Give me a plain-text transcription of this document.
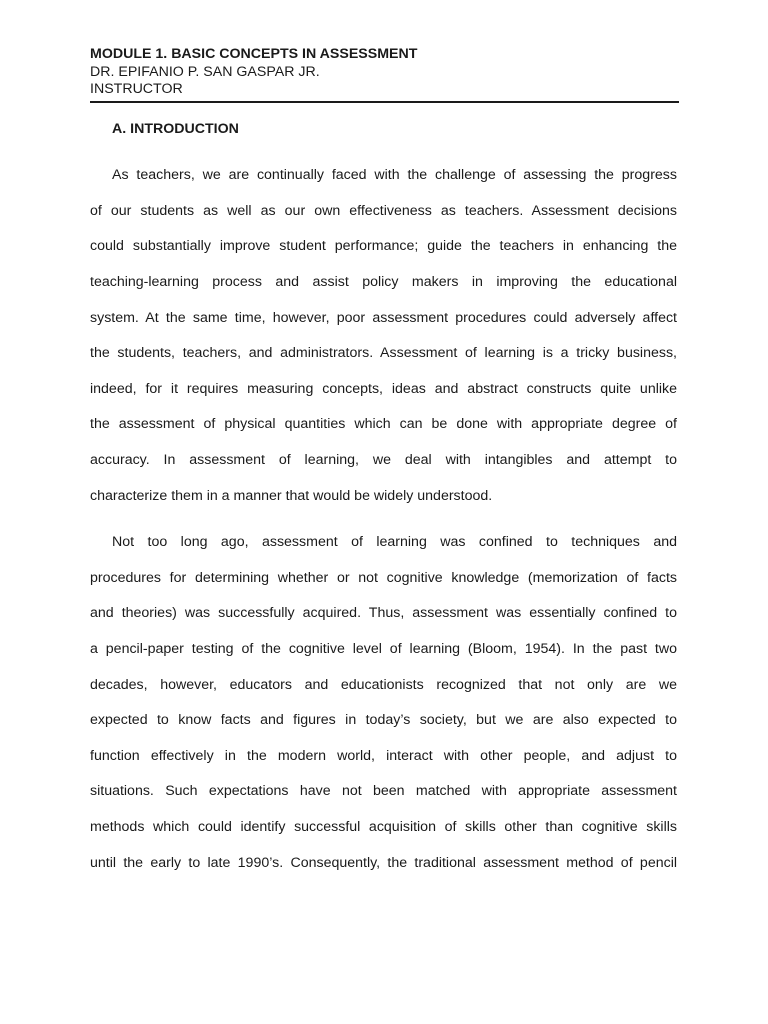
MODULE 1. BASIC CONCEPTS IN ASSESSMENT

DR. EPIFANIO P. SAN GASPAR JR.

INSTRUCTOR

A. INTRODUCTION
As teachers, we are continually faced with the challenge of assessing the progress
of our students as well as our own effectiveness as teachers. Assessment decisions
could substantially improve student performance; guide the teachers in enhancing the
teaching-learning process and assist policy makers in improving the educational
system. At the same time, however, poor assessment procedures could adversely affect
the students, teachers, and administrators. Assessment of learning is a tricky business,
indeed, for it requires measuring concepts, ideas and abstract constructs quite unlike
the assessment of physical quantities which can be done with appropriate degree of
accuracy. In assessment of learning, we deal with intangibles and attempt to
characterize them in a manner that would be widely understood.
Not too long ago, assessment of learning was confined to techniques and
procedures for determining whether or not cognitive knowledge (memorization of facts
and theories) was successfully acquired. Thus, assessment was essentially confined to
a pencil-paper testing of the cognitive level of learning (Bloom, 1954). In the past two
decades, however, educators and educationists recognized that not only are we
expected to know facts and figures in today’s society, but we are also expected to
function effectively in the modern world, interact with other people, and adjust to
situations. Such expectations have not been matched with appropriate assessment
methods which could identify successful acquisition of skills other than cognitive skills
until the early to late 1990’s. Consequently, the traditional assessment method of pencil
